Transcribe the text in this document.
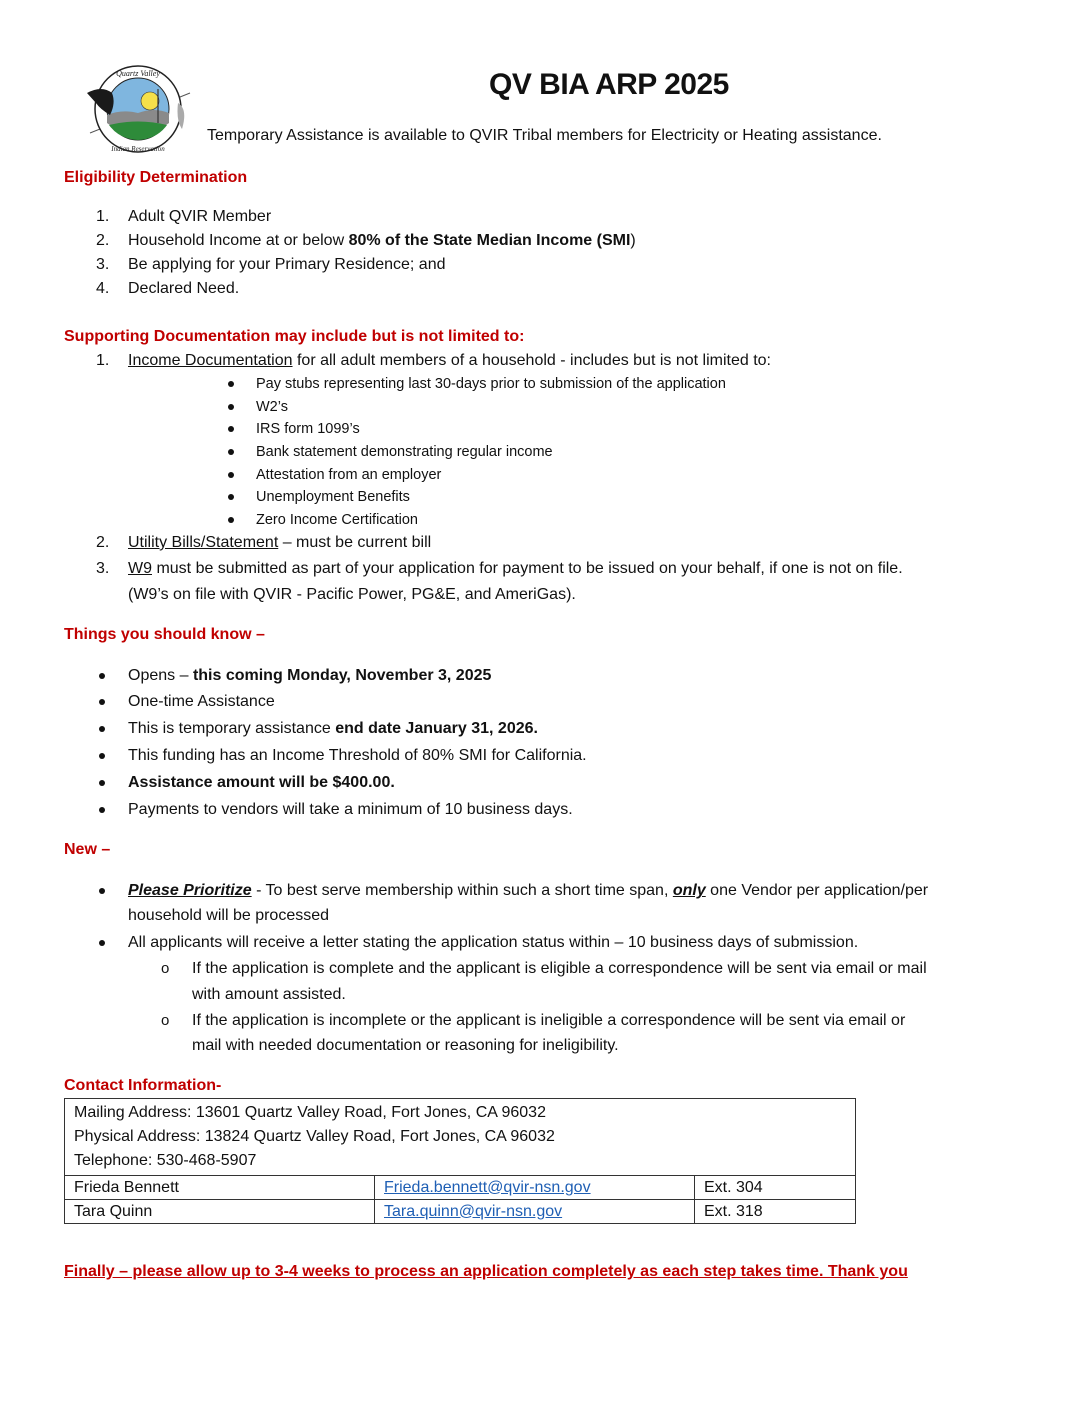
Quartz Valley
Indian Reservation
QV BIA ARP 2025
Temporary Assistance is available to QVIR Tribal members for Electricity or Heating assistance.
Eligibility Determination
1. Adult QVIR Member
2. Household Income at or below 80% of the State Median Income (SMI)
3. Be applying for your Primary Residence; and
4. Declared Need.
Supporting Documentation may include but is not limited to:
1. Income Documentation for all adult members of a household - includes but is not limited to:
Pay stubs representing last 30-days prior to submission of the application
W2’s
IRS form 1099’s
Bank statement demonstrating regular income
Attestation from an employer
Unemployment Benefits
Zero Income Certification
2. Utility Bills/Statement – must be current bill
3. W9 must be submitted as part of your application for payment to be issued on your behalf, if one is not on file.
(W9’s on file with QVIR - Pacific Power, PG&E, and AmeriGas).
Things you should know –
Opens – this coming Monday, November 3, 2025
One-time Assistance
This is temporary assistance end date January 31, 2026.
This funding has an Income Threshold of 80% SMI for California.
Assistance amount will be $400.00.
Payments to vendors will take a minimum of 10 business days.
New –
Please Prioritize - To best serve membership within such a short time span, only one Vendor per application/per
household will be processed
All applicants will receive a letter stating the application status within – 10 business days of submission.
o If the application is complete and the applicant is eligible a correspondence will be sent via email or mail
with amount assisted.
o If the application is incomplete or the applicant is ineligible a correspondence will be sent via email or
mail with needed documentation or reasoning for ineligibility.
Contact Information-
Mailing Address: 13601 Quartz Valley Road, Fort Jones, CA 96032
Physical Address: 13824 Quartz Valley Road, Fort Jones, CA 96032
Telephone: 530-468-5907		

Frieda Bennett	Frieda.bennett@qvir-nsn.gov	Ext. 304
Tara Quinn	Tara.quinn@qvir-nsn.gov	Ext. 318
Finally – please allow up to 3-4 weeks to process an application completely as each step takes time. Thank you
